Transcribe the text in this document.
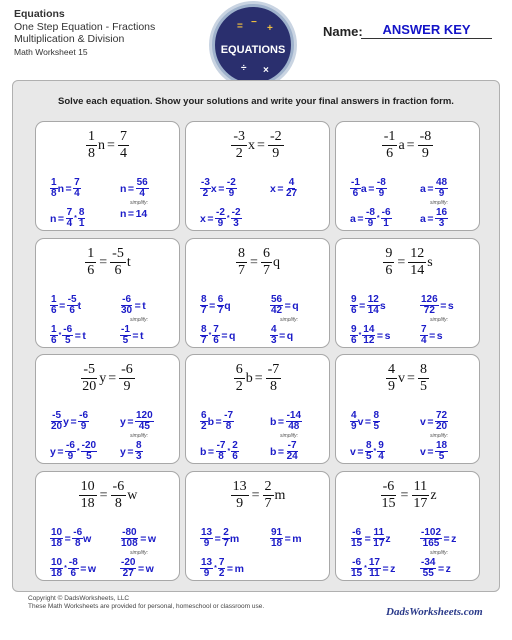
Equations
One Step Equation - Fractions
Multiplication & Division
Math Worksheet 15
= −
+
EQUATIONS
÷ ×
Name:	ANSWER KEY
Solve each equation. Show your solutions and write your final answers in fraction form.
$\frac{1}{8}$ $n = \frac{7}{4}$
$\frac{1}{8}$ $n = \frac{7}{4}$	$n = \frac{56}{4}$
$n = \frac{7}{4} * \frac{8}{1}$	n = 14
simplify:
$\frac{-3}{2}$ $x = \frac{-2}{9}$
$\frac{-3}{2}$ $x = \frac{-2}{9}$	$x = \frac{4}{27}$
$x = \frac{-2}{9} * \frac{-2}{3}$
$\frac{-1}{6}$ $a = \frac{-8}{9}$
$\frac{-1}{6}$ $a = \frac{-8}{9}$	$a = \frac{48}{9}$
$a = \frac{-8}{9} * \frac{-6}{1}$	$a = \frac{16}{3}$
simplify:
$\frac{1}{6} = \frac{-5}{6}$ t
$\frac{1}{6} = \frac{-5}{6}$ t	$\frac{-6}{30} = t$
$\frac{1}{6} * \frac{-6}{5} = t$	$\frac{-1}{5} = t$
simplify:
$\frac{8}{7} = \frac{6}{7}$ q
$\frac{8}{7} = \frac{6}{7}$ q	$\frac{56}{42} = q$
$\frac{8}{7} * \frac{7}{6} = q$	$\frac{4}{3} = q$
simplify:
$\frac{9}{6} = \frac{12}{14}$ s
$\frac{9}{6} = \frac{12}{14}$ s	$\frac{126}{72} = s$
$\frac{9}{6} * \frac{14}{12} = s$	$\frac{7}{4} = s$
simplify:
$\frac{-5}{20}$ $y = \frac{-6}{9}$
$\frac{-5}{20}$ $y = \frac{-6}{9}$	$y = \frac{120}{45}$
$y = \frac{-6}{9} * \frac{-20}{5}$ $y = \frac{8}{3}$
simplify:
$\frac{6}{2}$ $b = \frac{-7}{8}$
$\frac{6}{2}$ $b = \frac{-7}{8}$	$b = \frac{-14}{48}$
$b = \frac{-7}{8} * \frac{2}{6}$	$b = \frac{-7}{24}$
simplify:
$\frac{4}{9}$ $v = \frac{8}{5}$
$\frac{4}{9}$ $v = \frac{8}{5}$	$v = \frac{72}{20}$
$v = \frac{8}{5} * \frac{9}{4}$	$v = \frac{18}{5}$
simplify:
$\frac{10}{18} = \frac{-6}{8}$ w
$\frac{10}{18} = \frac{-6}{8}$ w	$\frac{-80}{108} = w$
$\frac{10}{18} * \frac{-8}{6} = w \frac{-20}{27} = w$
simplify:
$\frac{13}{9} = \frac{2}{7}$ m
$\frac{13}{9} = \frac{2}{7}$ m	$\frac{91}{18} = m$
$\frac{13}{9} * \frac{7}{2} = m$
$\frac{-6}{15} = \frac{11}{17}$ z
$\frac{-6}{15} = \frac{11}{17}$ z	$\frac{-102}{165} = z$
$\frac{-6}{15} * \frac{17}{11} = z \frac{-34}{55} = z$
simplify:
Copyright © DadsWorksheets, LLC
These Math Worksheets are provided for personal, homeschool or classroom use.	DadsWorksheets.com
